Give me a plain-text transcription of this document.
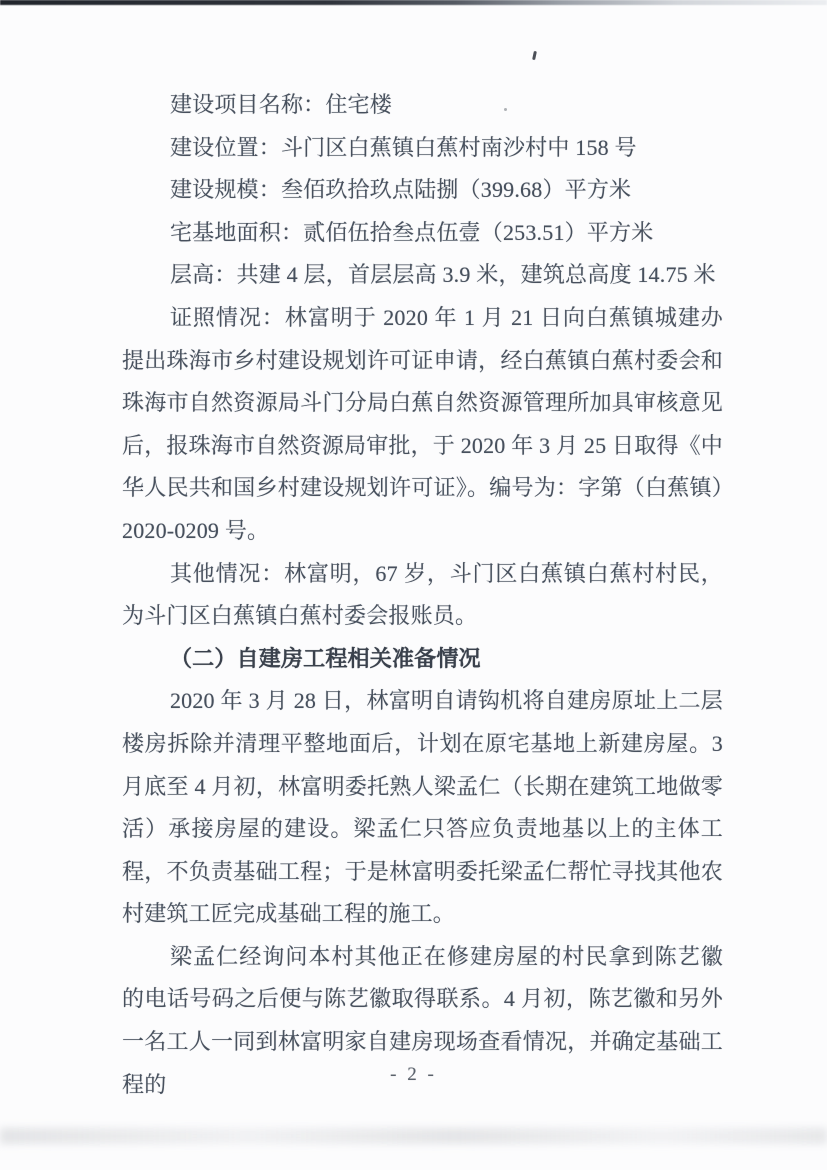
建设项目名称：住宅楼

建设位置：斗门区白蕉镇白蕉村南沙村中 158 号

建设规模：叁佰玖拾玖点陆捌（399.68）平方米

宅基地面积：贰佰伍拾叁点伍壹（253.51）平方米

层高：共建 4 层，首层层高 3.9 米，建筑总高度 14.75 米

证照情况：林富明于 2020 年 1 月 21 日向白蕉镇城建办提出珠海市乡村建设规划许可证申请，经白蕉镇白蕉村委会和珠海市自然资源局斗门分局白蕉自然资源管理所加具审核意见后，报珠海市自然资源局审批，于 2020 年 3 月 25 日取得《中华人民共和国乡村建设规划许可证》。编号为：字第（白蕉镇）2020-0209 号。

其他情况：林富明，67 岁，斗门区白蕉镇白蕉村村民，为斗门区白蕉镇白蕉村委会报账员。

（二）自建房工程相关准备情况

2020 年 3 月 28 日，林富明自请钩机将自建房原址上二层楼房拆除并清理平整地面后，计划在原宅基地上新建房屋。3 月底至 4 月初，林富明委托熟人梁孟仁（长期在建筑工地做零活）承接房屋的建设。梁孟仁只答应负责地基以上的主体工程，不负责基础工程；于是林富明委托梁孟仁帮忙寻找其他农村建筑工匠完成基础工程的施工。

梁孟仁经询问本村其他正在修建房屋的村民拿到陈艺徽的电话号码之后便与陈艺徽取得联系。4 月初，陈艺徽和另外一名工人一同到林富明家自建房现场查看情况，并确定基础工程的	- 2 -
